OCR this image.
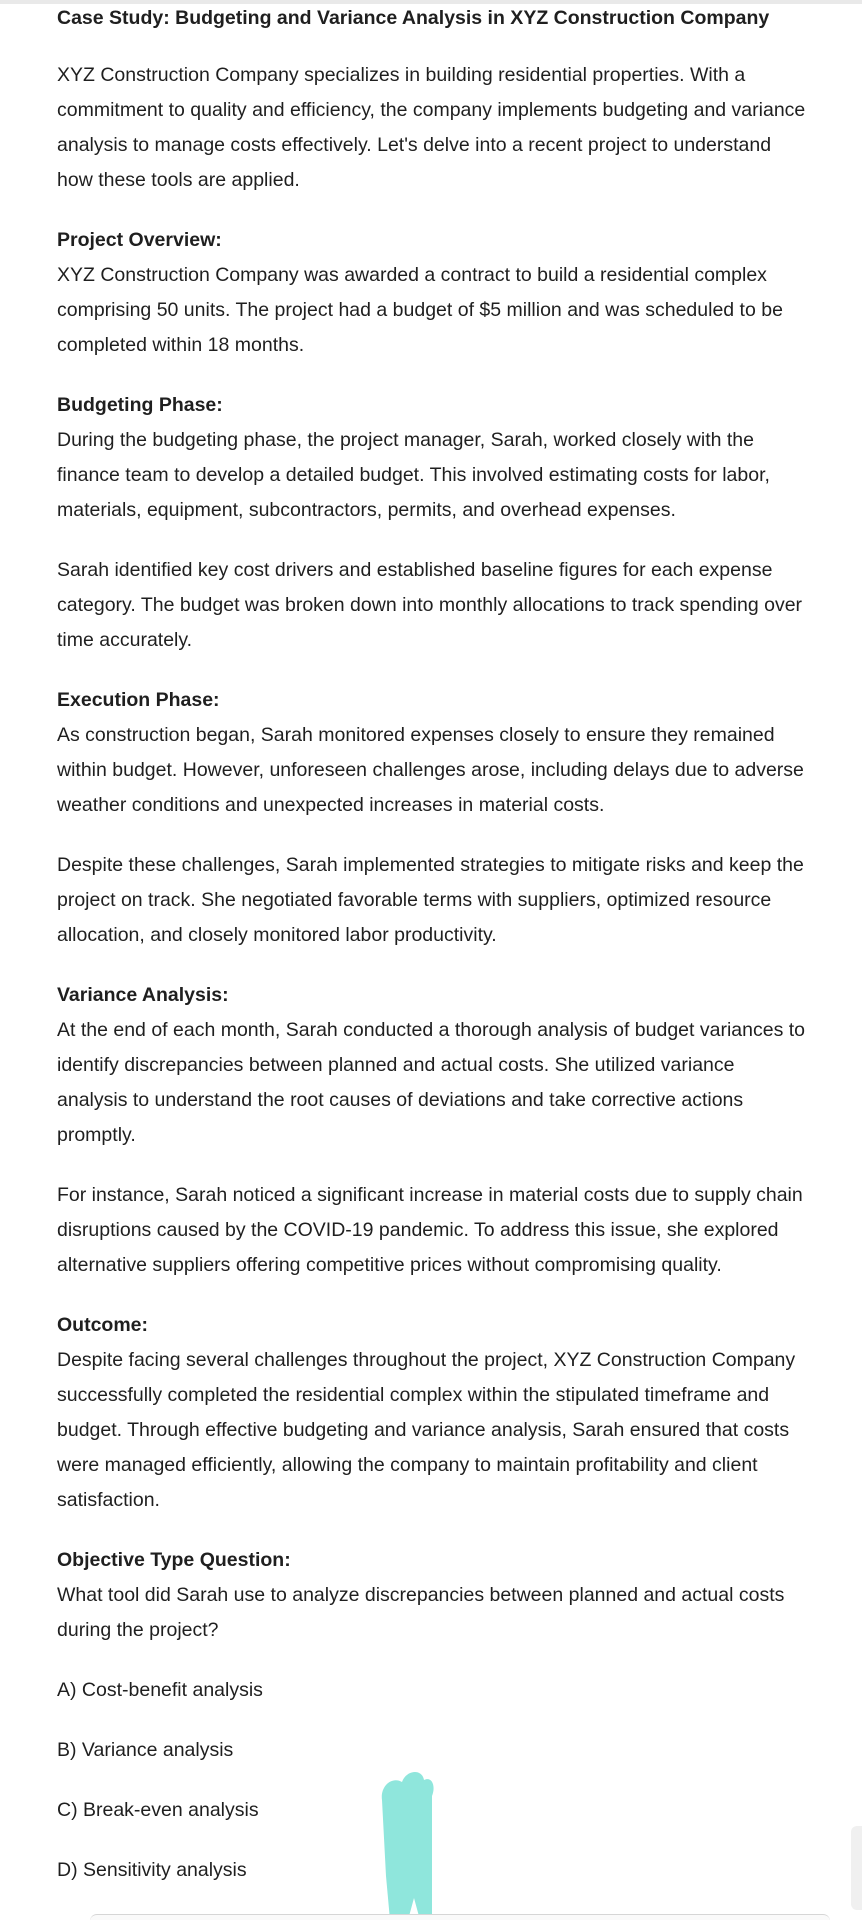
Case Study: Budgeting and Variance Analysis in XYZ Construction Company
XYZ Construction Company specializes in building residential properties. With a commitment to quality and efficiency, the company implements budgeting and variance analysis to manage costs effectively. Let's delve into a recent project to understand how these tools are applied.
Project Overview:
XYZ Construction Company was awarded a contract to build a residential complex comprising 50 units. The project had a budget of $5 million and was scheduled to be completed within 18 months.
Budgeting Phase:
During the budgeting phase, the project manager, Sarah, worked closely with the finance team to develop a detailed budget. This involved estimating costs for labor, materials, equipment, subcontractors, permits, and overhead expenses.
Sarah identified key cost drivers and established baseline figures for each expense category. The budget was broken down into monthly allocations to track spending over time accurately.
Execution Phase:
As construction began, Sarah monitored expenses closely to ensure they remained within budget. However, unforeseen challenges arose, including delays due to adverse weather conditions and unexpected increases in material costs.
Despite these challenges, Sarah implemented strategies to mitigate risks and keep the project on track. She negotiated favorable terms with suppliers, optimized resource allocation, and closely monitored labor productivity.
Variance Analysis:
At the end of each month, Sarah conducted a thorough analysis of budget variances to identify discrepancies between planned and actual costs. She utilized variance analysis to understand the root causes of deviations and take corrective actions promptly.
For instance, Sarah noticed a significant increase in material costs due to supply chain disruptions caused by the COVID-19 pandemic. To address this issue, she explored alternative suppliers offering competitive prices without compromising quality.
Outcome:
Despite facing several challenges throughout the project, XYZ Construction Company successfully completed the residential complex within the stipulated timeframe and budget. Through effective budgeting and variance analysis, Sarah ensured that costs were managed efficiently, allowing the company to maintain profitability and client satisfaction.
Objective Type Question:
What tool did Sarah use to analyze discrepancies between planned and actual costs during the project?
A) Cost-benefit analysis
B) Variance analysis
C) Break-even analysis
D) Sensitivity analysis
